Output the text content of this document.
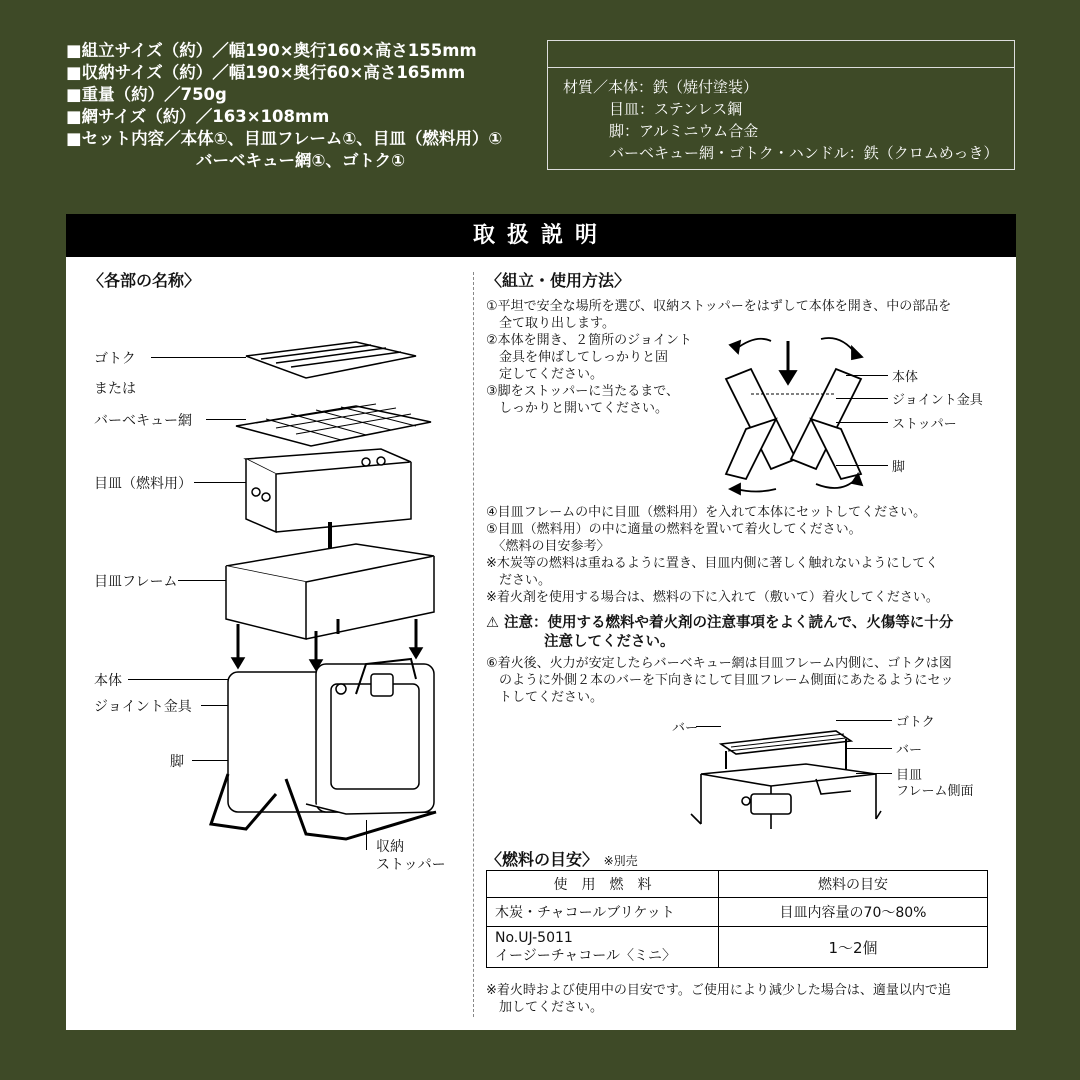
■組立サイズ（約）／幅190×奥行160×高さ155mm
■収納サイズ（約）／幅190×奥行60×高さ165mm
■重量（約）／750g
■網サイズ（約）／163×108mm
■セット内容／本体①、目皿フレーム①、目皿（燃料用）①
バーベキュー網①、ゴトク①
材質／本体：鉄（焼付塗装）
目皿：ステンレス鋼
脚：アルミニウム合金
バーベキュー網・ゴトク・ハンドル：鉄（クロムめっき）
取扱説明
〈各部の名称〉
ゴトク
または
バーベキュー網
目皿（燃料用）
目皿フレーム
本体
ジョイント金具
脚
収納
ストッパー
〈組立・使用方法〉
①平坦で安全な場所を選び、収納ストッパーをはずして本体を開き、中の部品を
　全て取り出します。
②本体を開き、２箇所のジョイント
　金具を伸ばしてしっかりと固
　定してください。
③脚をストッパーに当たるまで、
　しっかりと開いてください。
本体
ジョイント金具
ストッパー
脚
④目皿フレームの中に目皿（燃料用）を入れて本体にセットしてください。
⑤目皿（燃料用）の中に適量の燃料を置いて着火してください。
　〈燃料の目安参考〉
※木炭等の燃料は重ねるように置き、目皿内側に著しく触れないようにしてく
　ださい。
※着火剤を使用する場合は、燃料の下に入れて（敷いて）着火してください。
⚠ 注意：使用する燃料や着火剤の注意事項をよく読んで、火傷等に十分
　　　　注意してください。
⑥着火後、火力が安定したらバーベキュー網は目皿フレーム内側に、ゴトクは図
　のように外側２本のバーを下向きにして目皿フレーム側面にあたるようにセッ
　トしてください。
バー	ゴトク
バー
目皿
フレーム側面
〈燃料の目安〉 ※別売
使　用　燃　料	燃料の目安
木炭・チャコールブリケット	目皿内容量の70～80%

No.UJ-5011
イージーチャコール〈ミニ〉	1～2個
※着火時および使用中の目安です。ご使用により減少した場合は、適量以内で追
　加してください。
